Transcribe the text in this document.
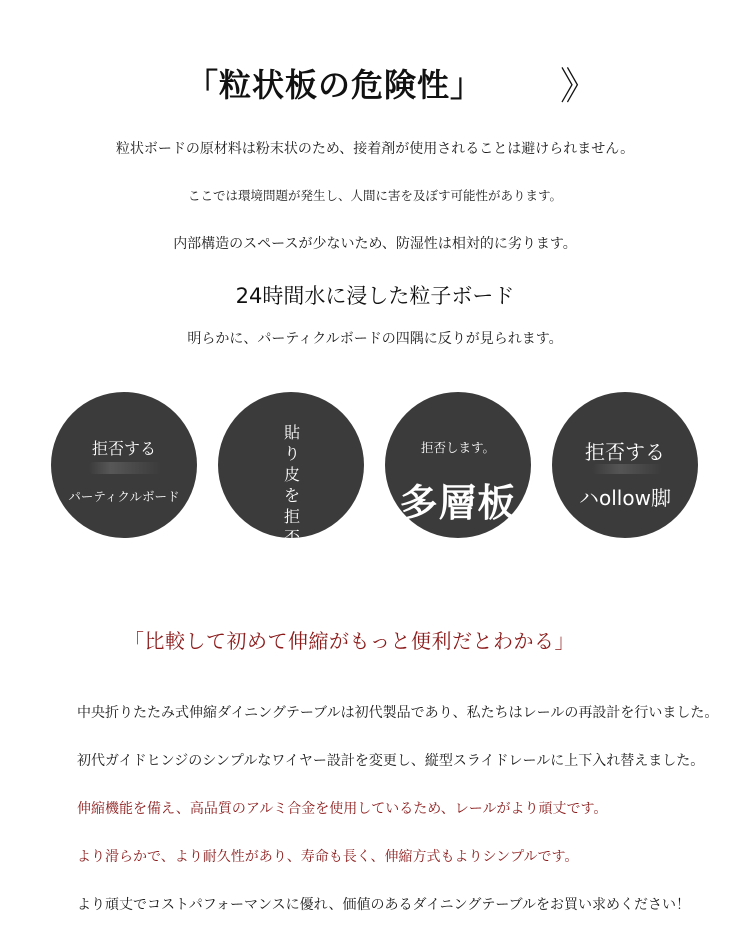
「粒状板の危険性」 》
粒状ボードの原材料は粉末状のため、接着剤が使用されることは避けられません。
ここでは環境問題が発生し、人間に害を及ぼす可能性があります。
内部構造のスペースが少ないため、防湿性は相対的に劣ります。
24時間水に浸した粒子ボード
明らかに、パーティクルボードの四隅に反りが見られます。
拒否する
パーティクルボード
貼り皮を拒否す
拒否します。
多層板
拒否する
ハollow脚
「比較して初めて伸縮がもっと便利だとわかる」
中央折りたたみ式伸縮ダイニングテーブルは初代製品であり、私たちはレールの再設計を行いました。
初代ガイドヒンジのシンプルなワイヤー設計を変更し、縦型スライドレールに上下入れ替えました。
伸縮機能を備え、高品質のアルミ合金を使用しているため、レールがより頑丈です。
より滑らかで、より耐久性があり、寿命も長く、伸縮方式もよりシンプルです。
より頑丈でコストパフォーマンスに優れ、価値のあるダイニングテーブルをお買い求めください！
